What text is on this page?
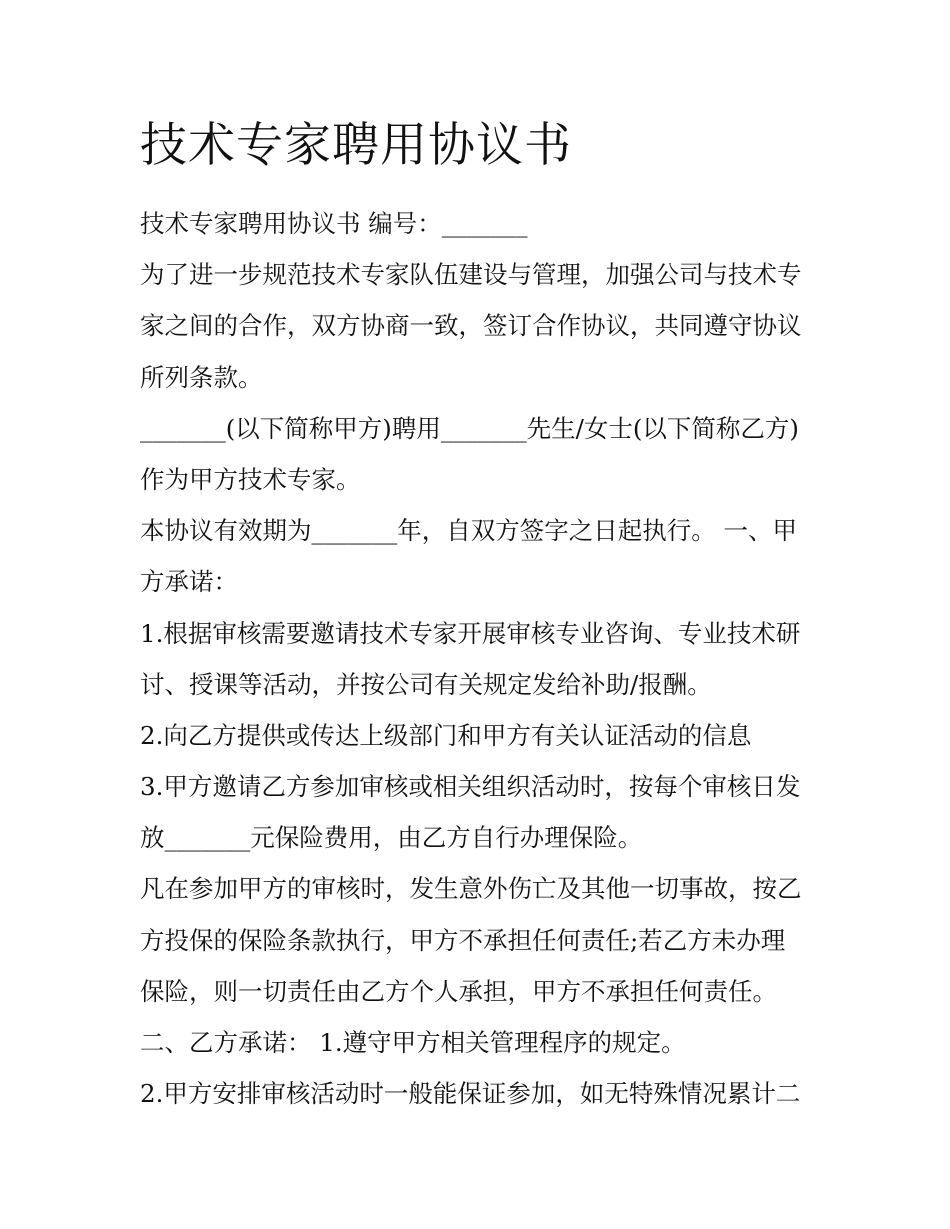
技术专家聘用协议书
技术专家聘用协议书 编号：_______
为了进一步规范技术专家队伍建设与管理，加强公司与技术专
家之间的合作，双方协商一致，签订合作协议，共同遵守协议
所列条款。
_______(以下简称甲方)聘用_______先生/女士(以下简称乙方)
作为甲方技术专家。
本协议有效期为_______年，自双方签字之日起执行。 一、甲
方承诺：
1.根据审核需要邀请技术专家开展审核专业咨询、专业技术研
讨、授课等活动，并按公司有关规定发给补助/报酬。
2.向乙方提供或传达上级部门和甲方有关认证活动的信息
3.甲方邀请乙方参加审核或相关组织活动时，按每个审核日发
放_______元保险费用，由乙方自行办理保险。
凡在参加甲方的审核时，发生意外伤亡及其他一切事故，按乙
方投保的保险条款执行，甲方不承担任何责任;若乙方未办理
保险，则一切责任由乙方个人承担，甲方不承担任何责任。
二、乙方承诺： 1.遵守甲方相关管理程序的规定。
2.甲方安排审核活动时一般能保证参加，如无特殊情况累计二
